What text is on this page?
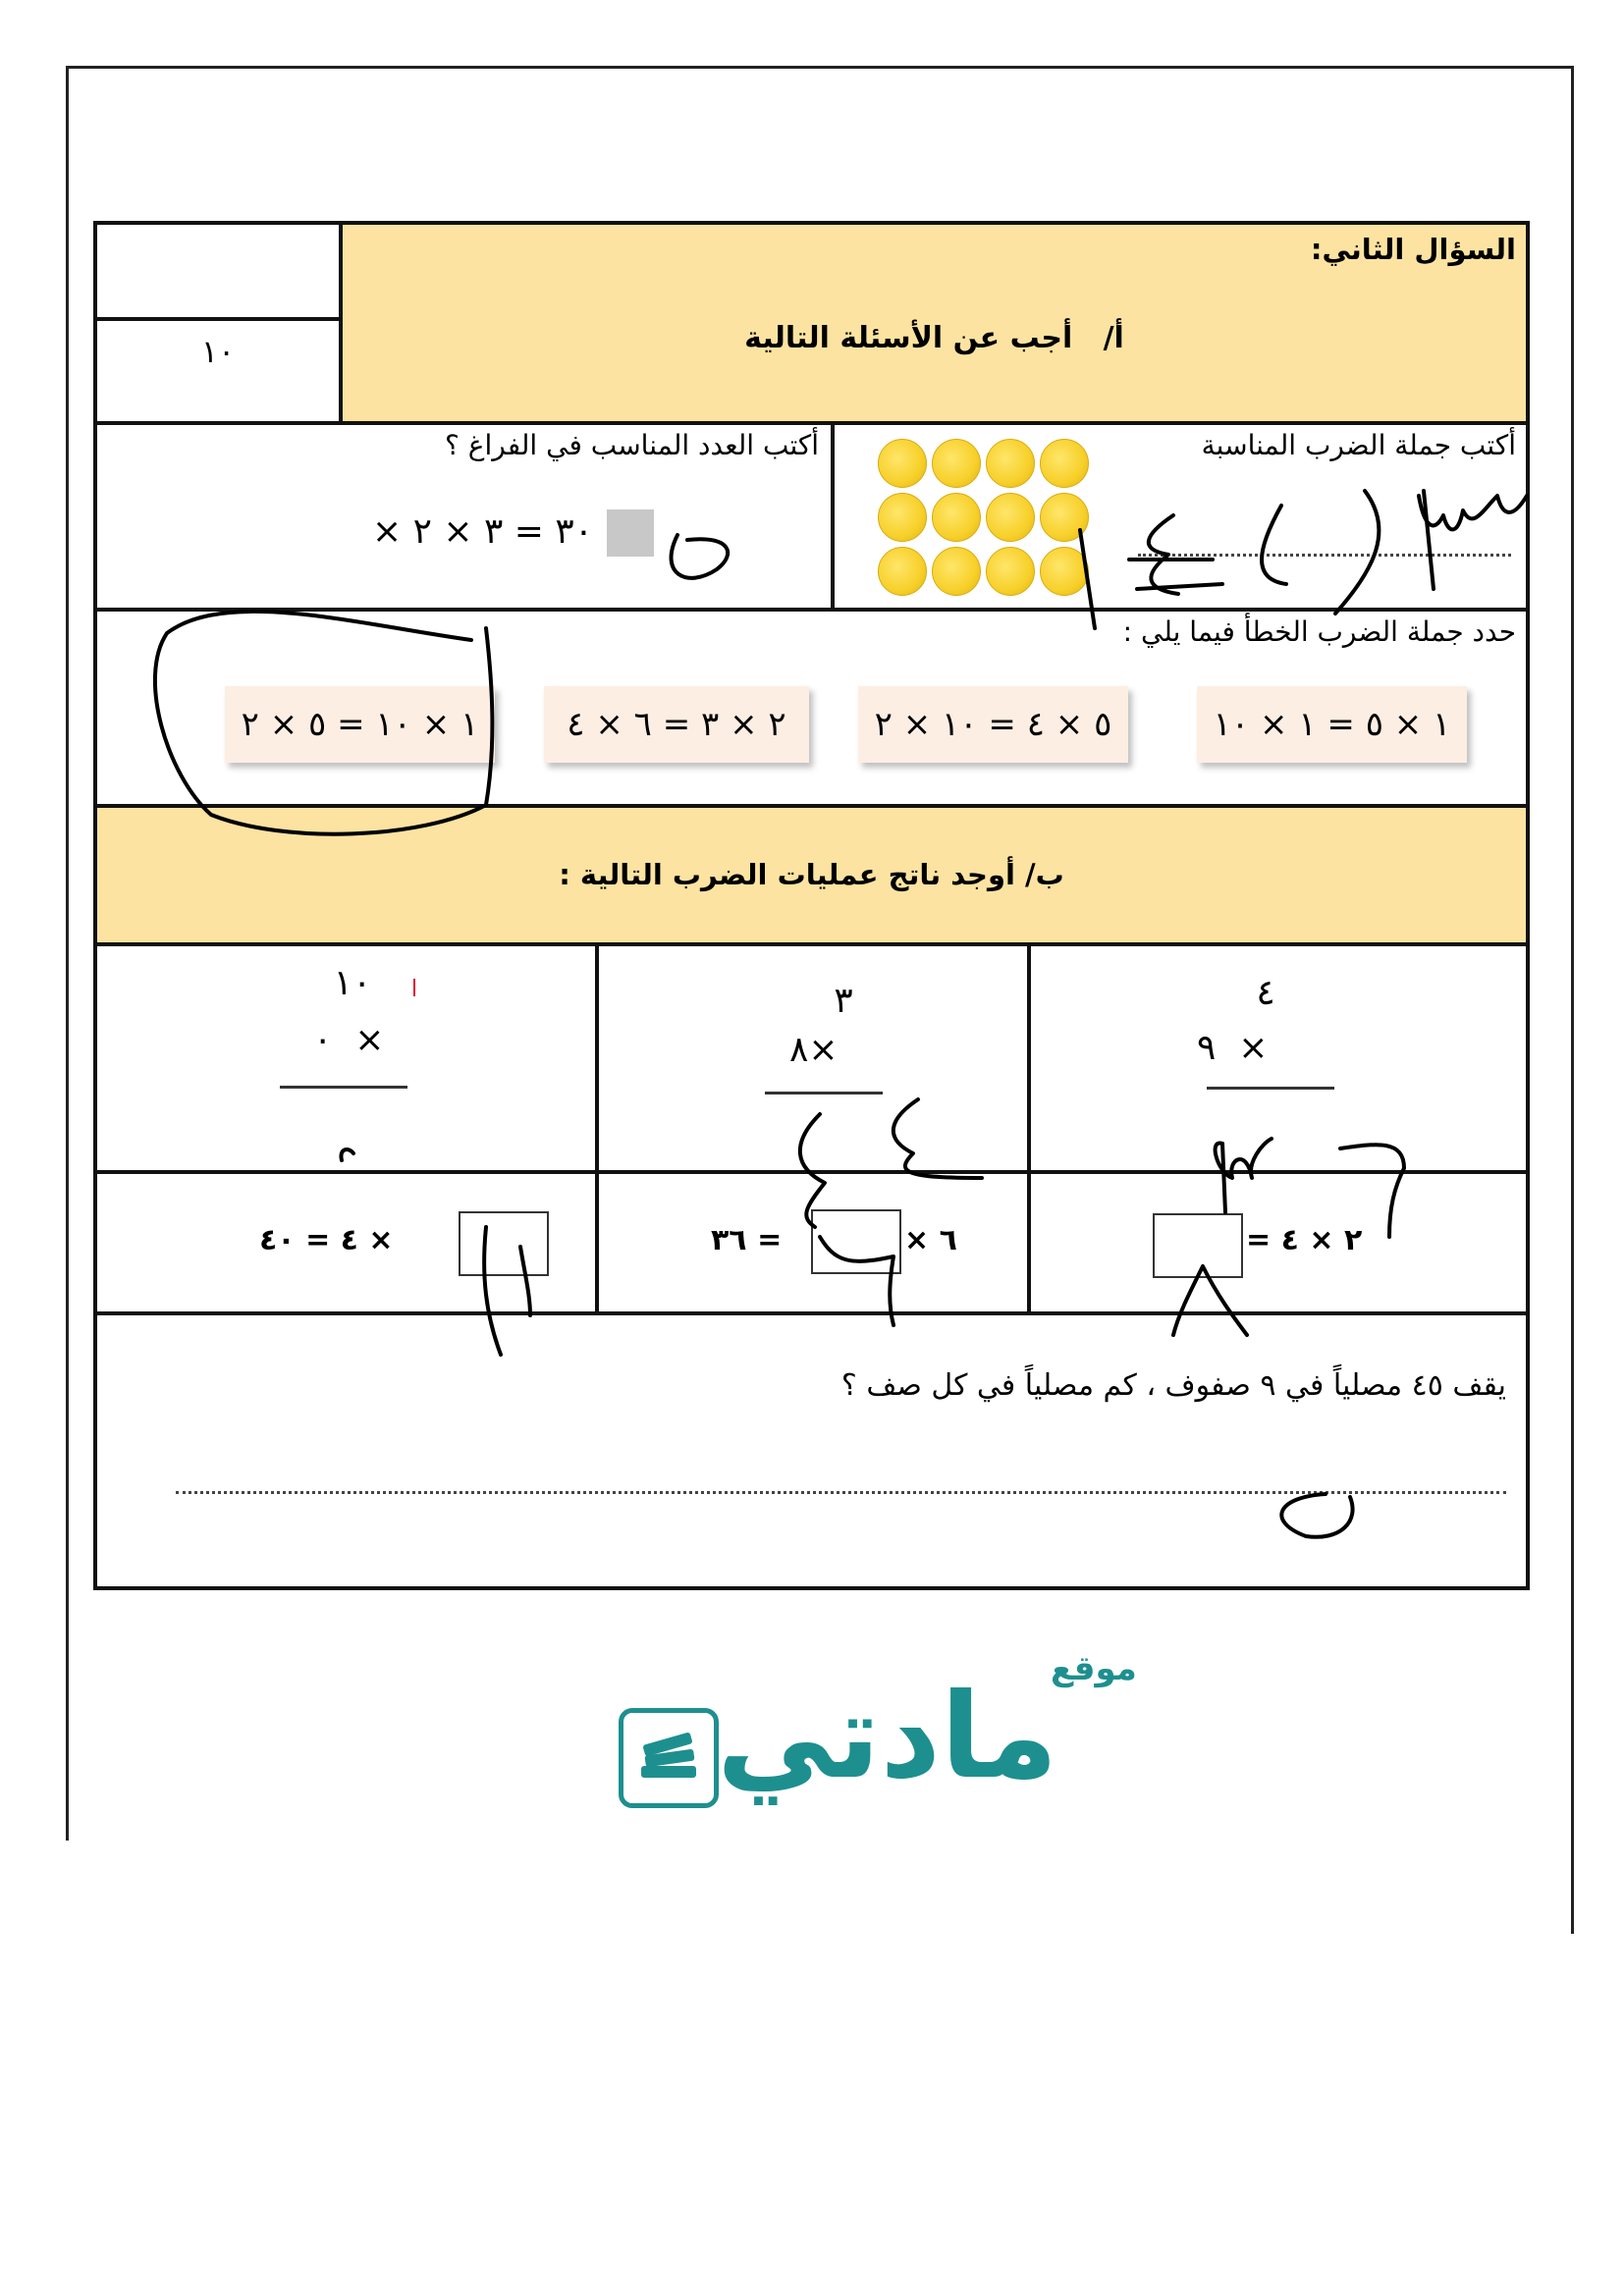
السؤال الثاني:
أ/   أجب عن الأسئلة التالية
١٠
أكتب جملة الضرب المناسبة
أكتب العدد المناسب في الفراغ ؟
٣٠ = ٣ × ٢ ×
حدد جملة الضرب الخطأ فيما يلي :
١ × ١٠ = ٥ × ٢	٢ × ٣ = ٦ × ٤	٥ × ٤ = ١٠ × ٢	١ × ٥ = ١ × ١٠
ب/ أوجد ناتج عمليات الضرب التالية :
٤
٩ ×
٣
٨×
١٠
٠ ×
٢ × ٤ =
٦ ×
= ٣٦
× ٤ = ٤٠
يقف ٤٥ مصلياً في ٩ صفوف ، كم مصلياً في كل صف ؟
موقع
مادتي
